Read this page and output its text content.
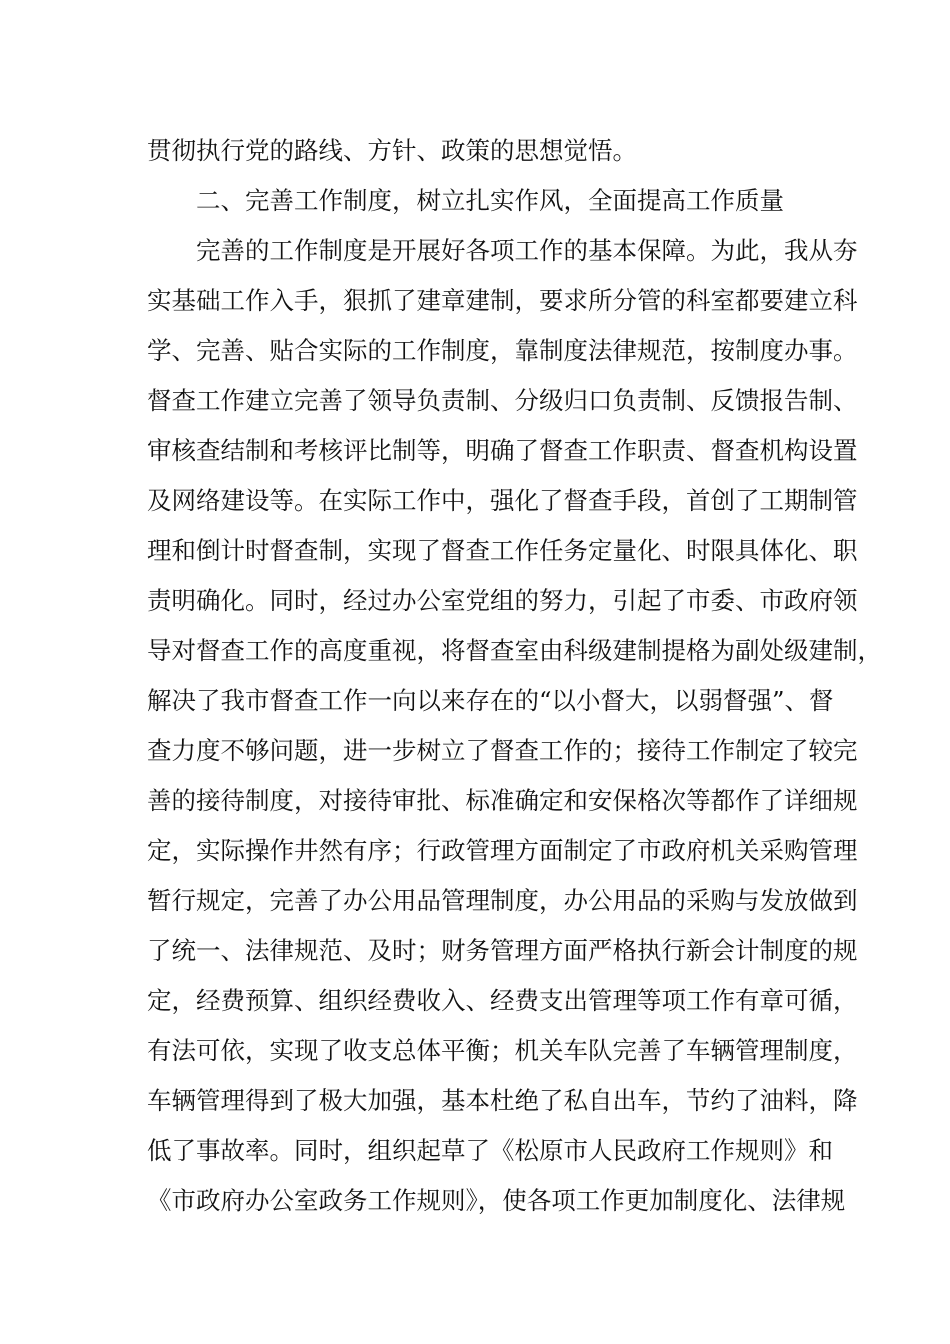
贯彻执行党的路线、方针、政策的思想觉悟。
二、完善工作制度，树立扎实作风，全面提高工作质量
完善的工作制度是开展好各项工作的基本保障。为此，我从夯
实基础工作入手，狠抓了建章建制，要求所分管的科室都要建立科
学、完善、贴合实际的工作制度，靠制度法律规范，按制度办事。
督查工作建立完善了领导负责制、分级归口负责制、反馈报告制、
审核查结制和考核评比制等，明确了督查工作职责、督查机构设置
及网络建设等。在实际工作中，强化了督查手段，首创了工期制管
理和倒计时督查制，实现了督查工作任务定量化、时限具体化、职
责明确化。同时，经过办公室党组的努力，引起了市委、市政府领
导对督查工作的高度重视，将督查室由科级建制提格为副处级建制，
解决了我市督查工作一向以来存在的“以小督大，以弱督强”、督
查力度不够问题，进一步树立了督查工作的；接待工作制定了较完
善的接待制度，对接待审批、标准确定和安保格次等都作了详细规
定，实际操作井然有序；行政管理方面制定了市政府机关采购管理
暂行规定，完善了办公用品管理制度，办公用品的采购与发放做到
了统一、法律规范、及时；财务管理方面严格执行新会计制度的规
定，经费预算、组织经费收入、经费支出管理等项工作有章可循，
有法可依，实现了收支总体平衡；机关车队完善了车辆管理制度，
车辆管理得到了极大加强，基本杜绝了私自出车，节约了油料，降
低了事故率。同时，组织起草了《松原市人民政府工作规则》和
《市政府办公室政务工作规则》，使各项工作更加制度化、法律规
